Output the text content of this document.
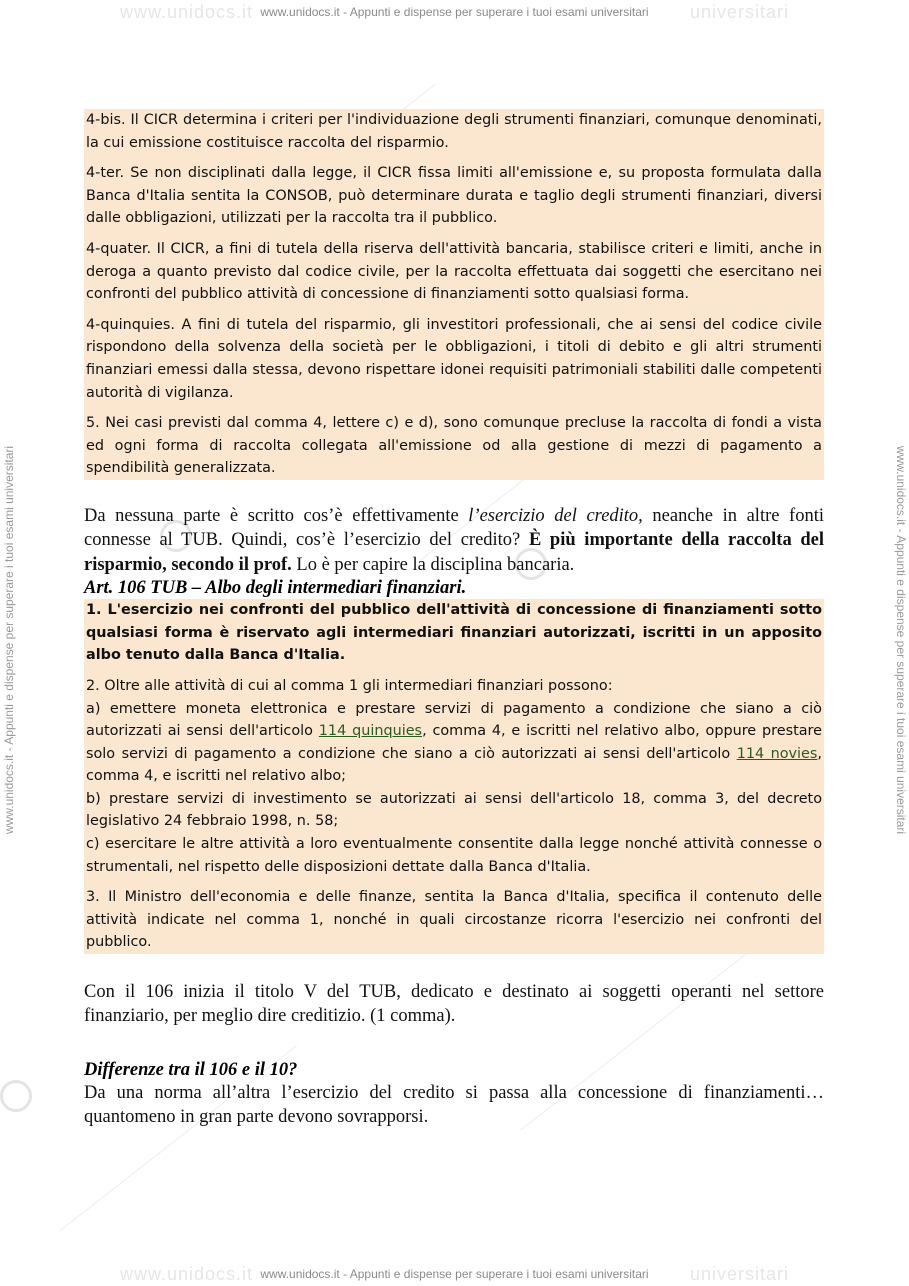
www.unidocs.it	universitari
www.unidocs.it	universitari
www.unidocs.it - Appunti e dispense per superare i tuoi esami universitari
www.unidocs.it - Appunti e dispense per superare i tuoi esami universitari
www.unidocs.it - Appunti e dispense per superare i tuoi esami universitari	www.unidocs.it - Appunti e dispense per superare i tuoi esami universitari

4-bis. Il CICR determina i criteri per l'individuazione degli strumenti finanziari, comunque denominati, la cui emissione costituisce raccolta del risparmio.

4-ter. Se non disciplinati dalla legge, il CICR fissa limiti all'emissione e, su proposta formulata dalla Banca d'Italia sentita la CONSOB, può determinare durata e taglio degli strumenti finanziari, diversi dalle obbligazioni, utilizzati per la raccolta tra il pubblico.

4-quater. Il CICR, a fini di tutela della riserva dell'attività bancaria, stabilisce criteri e limiti, anche in deroga a quanto previsto dal codice civile, per la raccolta effettuata dai soggetti che esercitano nei confronti del pubblico attività di concessione di finanziamenti sotto qualsiasi forma.

4-quinquies. A fini di tutela del risparmio, gli investitori professionali, che ai sensi del codice civile rispondono della solvenza della società per le obbligazioni, i titoli di debito e gli altri strumenti finanziari emessi dalla stessa, devono rispettare idonei requisiti patrimoniali stabiliti dalle competenti autorità di vigilanza.

5. Nei casi previsti dal comma 4, lettere c) e d), sono comunque precluse la raccolta di fondi a vista ed ogni forma di raccolta collegata all'emissione od alla gestione di mezzi di pagamento a spendibilità generalizzata.

Da nessuna parte è scritto cos’è effettivamente l’esercizio del credito, neanche in altre fonti connesse al TUB. Quindi, cos’è l’esercizio del credito? È più importante della raccolta del risparmio, secondo il prof. Lo è per capire la disciplina bancaria.

Art. 106 TUB – Albo degli intermediari finanziari.

1. L'esercizio nei confronti del pubblico dell'attività di concessione di finanziamenti sotto qualsiasi forma è riservato agli intermediari finanziari autorizzati, iscritti in un apposito albo tenuto dalla Banca d'Italia.

2. Oltre alle attività di cui al comma 1 gli intermediari finanziari possono:
a) emettere moneta elettronica e prestare servizi di pagamento a condizione che siano a ciò autorizzati ai sensi dell'articolo 114 quinquies, comma 4, e iscritti nel relativo albo, oppure prestare solo servizi di pagamento a condizione che siano a ciò autorizzati ai sensi dell'articolo 114 novies, comma 4, e iscritti nel relativo albo;
b) prestare servizi di investimento se autorizzati ai sensi dell'articolo 18, comma 3, del decreto legislativo 24 febbraio 1998, n. 58;
c) esercitare le altre attività a loro eventualmente consentite dalla legge nonché attività connesse o strumentali, nel rispetto delle disposizioni dettate dalla Banca d'Italia.

3. Il Ministro dell'economia e delle finanze, sentita la Banca d'Italia, specifica il contenuto delle attività indicate nel comma 1, nonché in quali circostanze ricorra l'esercizio nei confronti del pubblico.

Con il 106 inizia il titolo V del TUB, dedicato e destinato ai soggetti operanti nel settore finanziario, per meglio dire creditizio. (1 comma).

Differenze tra il 106 e il 10?

Da una norma all’altra l’esercizio del credito si passa alla concessione di finanziamenti… quantomeno in gran parte devono sovrapporsi.
